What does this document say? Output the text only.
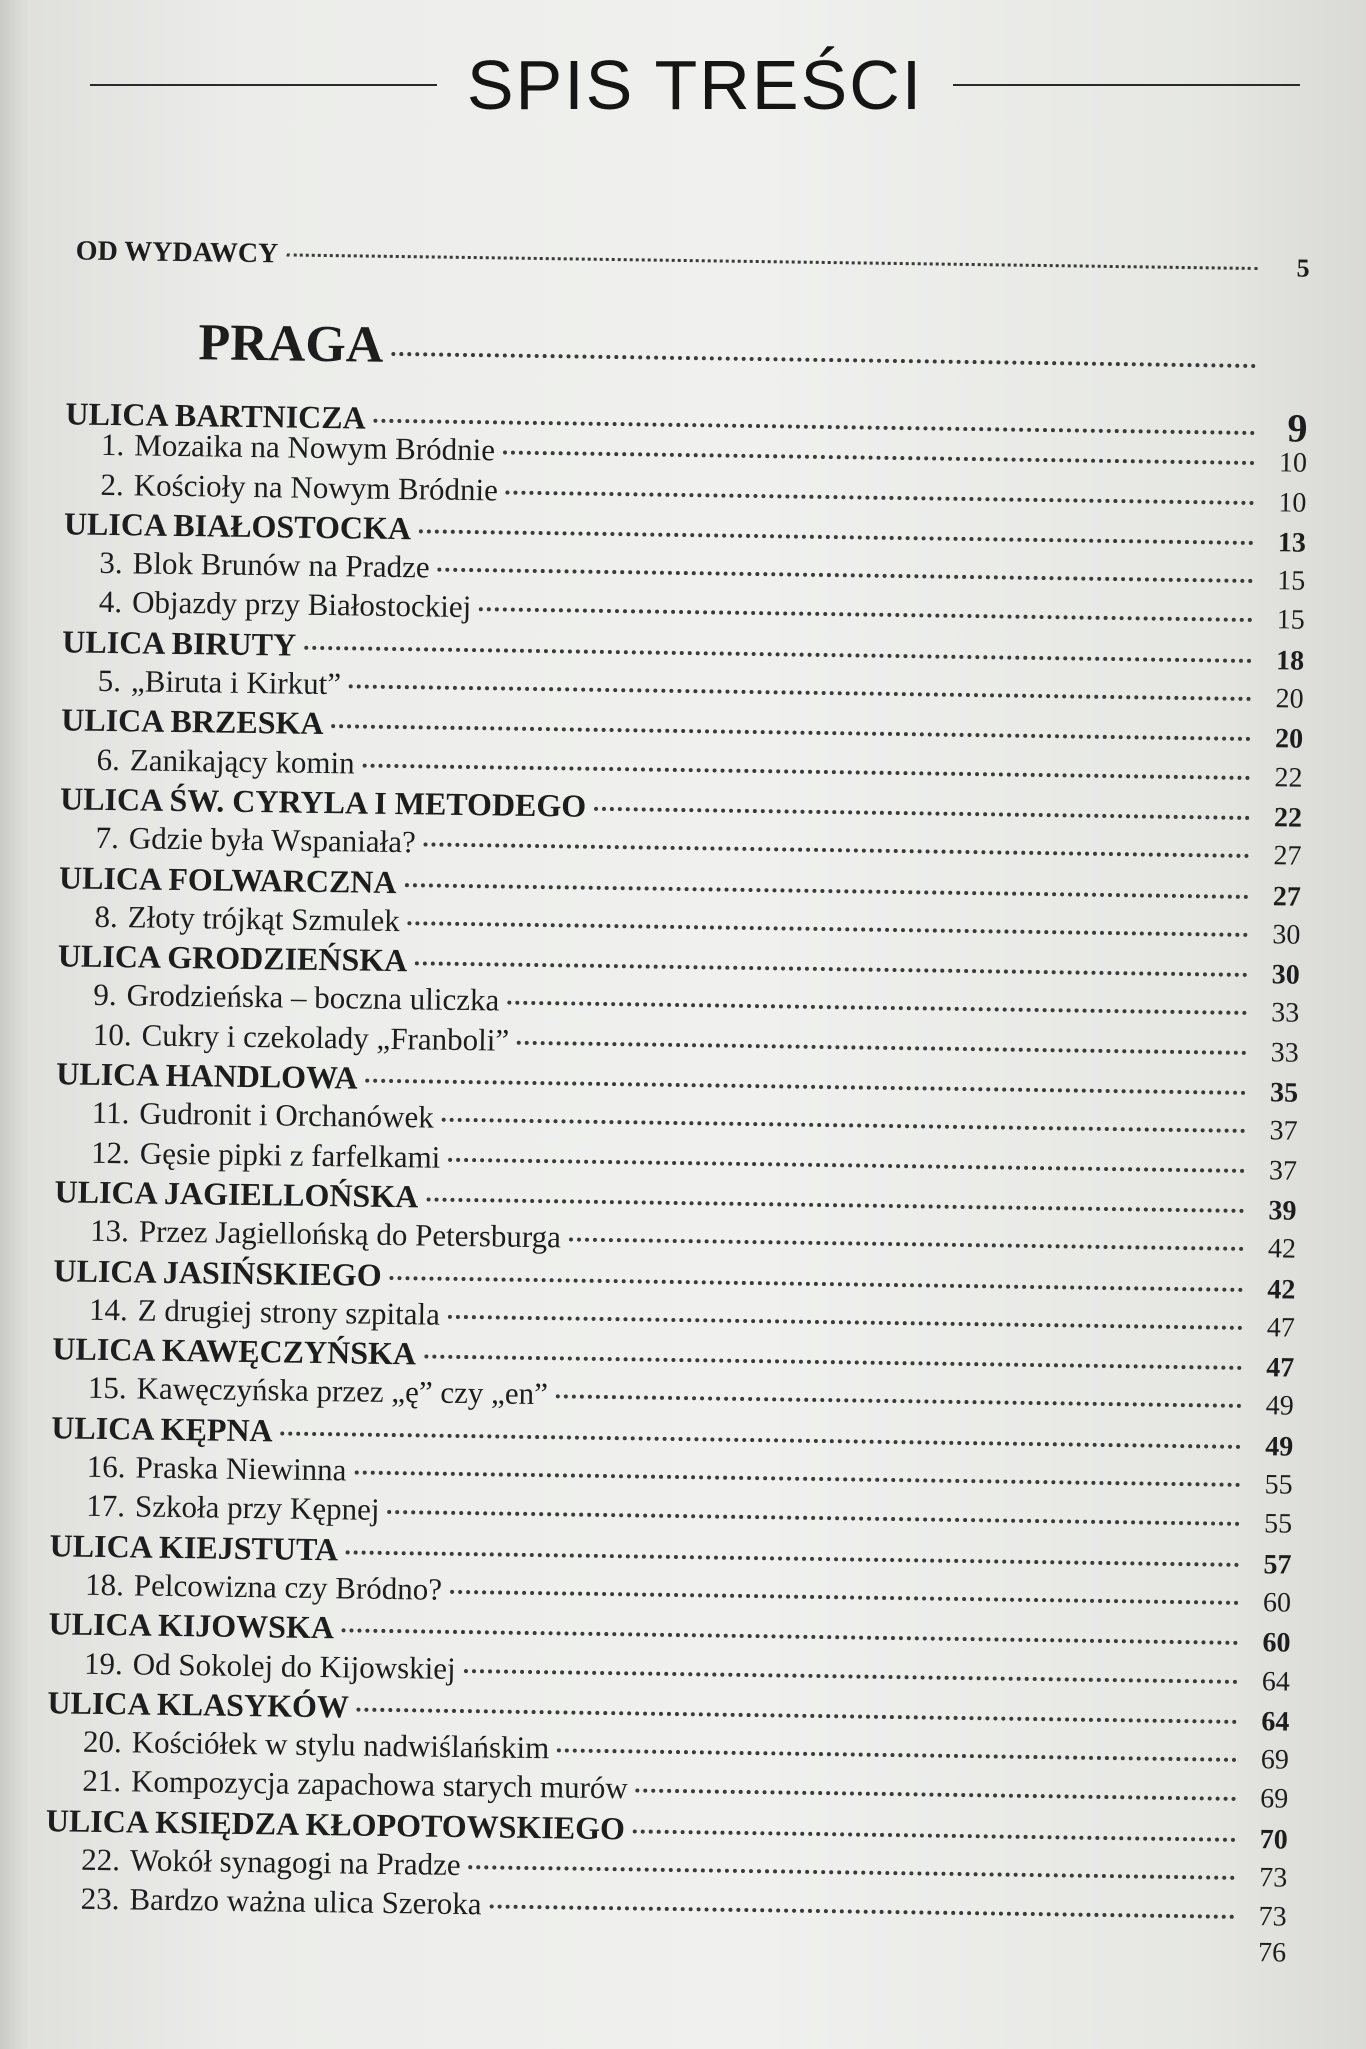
SPIS TREŚCI
OD WYDAWCY	5
PRAGA
ULICA BARTNICZA	9
1. Mozaika na Nowym Bródnie	10
2. Kościoły na Nowym Bródnie	10
ULICA BIAŁOSTOCKA	13
3. Blok Brunów na Pradze	15
4. Objazdy przy Białostockiej	15
ULICA BIRUTY	18
5. „Biruta i Kirkut”	20
ULICA BRZESKA	20
6. Zanikający komin	22
ULICA ŚW. CYRYLA I METODEGO	22
7. Gdzie była Wspaniała?	27
ULICA FOLWARCZNA	27
8. Złoty trójkąt Szmulek	30
ULICA GRODZIEŃSKA	30
9. Grodzieńska – boczna uliczka	33
10. Cukry i czekolady „Franboli”	33
ULICA HANDLOWA	35
11. Gudronit i Orchanówek	37
12. Gęsie pipki z farfelkami	37
ULICA JAGIELLOŃSKA	39
13. Przez Jagiellońską do Petersburga	42
ULICA JASIŃSKIEGO	42
14. Z drugiej strony szpitala	47
ULICA KAWĘCZYŃSKA	47
15. Kawęczyńska przez „ę” czy „en”	49
ULICA KĘPNA	49
16. Praska Niewinna	55
17. Szkoła przy Kępnej	55
ULICA KIEJSTUTA	57
18. Pelcowizna czy Bródno?	60
ULICA KIJOWSKA	60
19. Od Sokolej do Kijowskiej	64
ULICA KLASYKÓW	64
20. Kościółek w stylu nadwiślańskim	69
21. Kompozycja zapachowa starych murów	69
ULICA KSIĘDZA KŁOPOTOWSKIEGO	70
22. Wokół synagogi na Pradze	73
23. Bardzo ważna ulica Szeroka	73
76
